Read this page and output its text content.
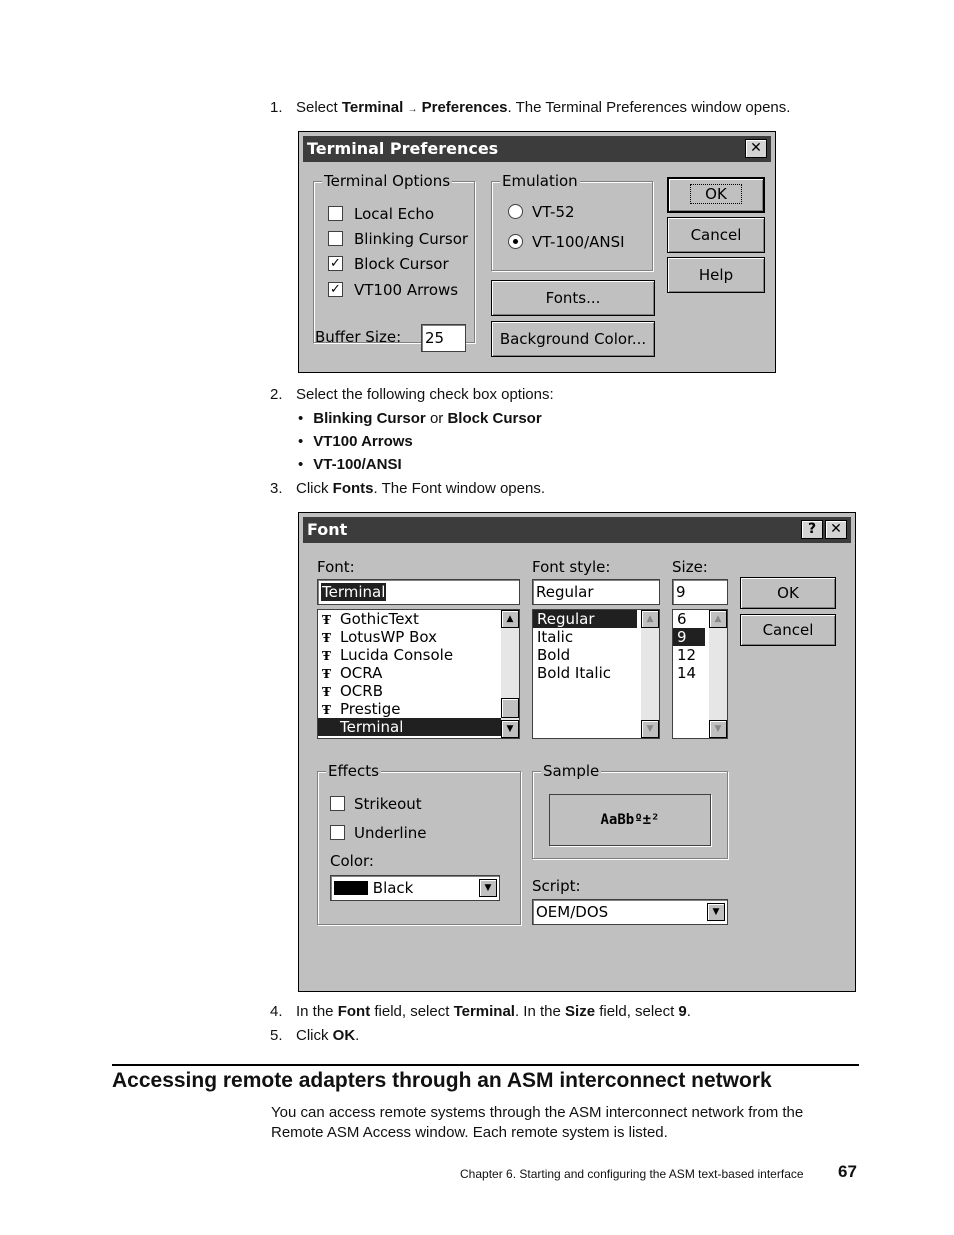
1. Select Terminal → Preferences. The Terminal Preferences window opens.
Terminal Preferences	✕
Terminal Options
Local Echo
Blinking Cursor
✓ Block Cursor
✓ VT100 Arrows
Emulation
VT-52
VT-100/ANSI
Buffer Size: 25
Fonts...
Background Color...
OK
Cancel
Help
2. Select the following check box options:
• Blinking Cursor or Block Cursor
• VT100 Arrows
• VT-100/ANSI
3. Click Fonts. The Font window opens.
Font	?	✕
Font:
Terminal
Ŧ GothicText
Ŧ LotusWP Box
Ŧ Lucida Console
Ŧ OCRA
Ŧ OCRB
Ŧ Prestige
Terminal
▲
▼
Font style:
Regular
Regular
Italic
Bold
Bold Italic
▲
▼
Size:
9
6
9
12
14
▲
▼
OK
Cancel
Effects
Strikeout
Underline
Color:
Black	▼
Sample
AaBbº±²
Script:
OEM/DOS	▼
4. In the Font field, select Terminal. In the Size field, select 9.
5. Click OK.
Accessing remote adapters through an ASM interconnect network
You can access remote systems through the ASM interconnect network from the
Remote ASM Access window. Each remote system is listed.
Chapter 6. Starting and configuring the ASM text-based interface 67
